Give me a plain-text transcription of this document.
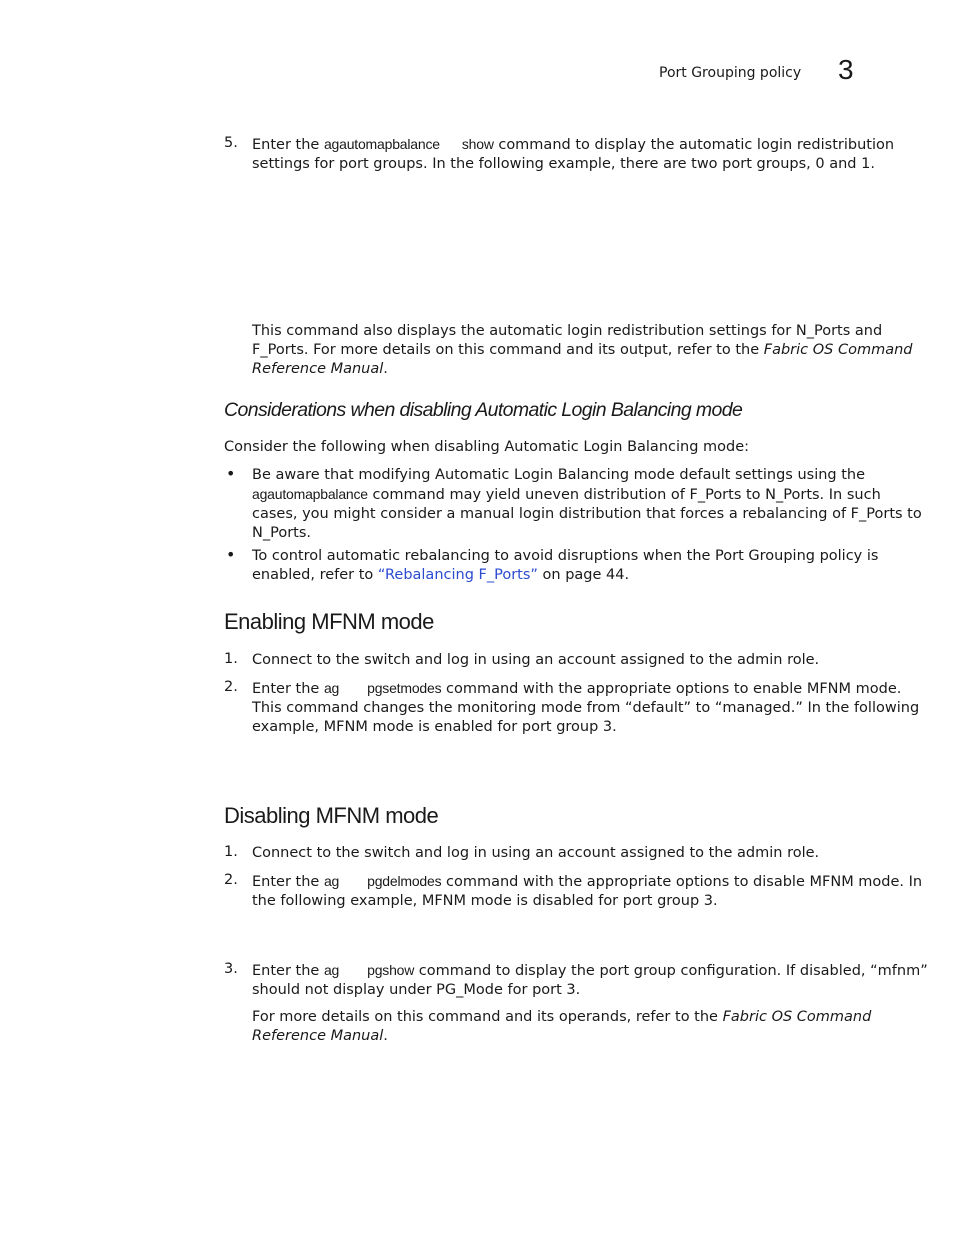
Port Grouping policy 3
5. Enter the agautomapbalance show command to display the automatic login redistribution
settings for port groups. In the following example, there are two port groups, 0 and 1.
This command also displays the automatic login redistribution settings for N_Ports and
F_Ports. For more details on this command and its output, refer to the Fabric OS Command
Reference Manual.
Considerations when disabling Automatic Login Balancing mode
Consider the following when disabling Automatic Login Balancing mode:
• Be aware that modifying Automatic Login Balancing mode default settings using the
agautomapbalance command may yield uneven distribution of F_Ports to N_Ports. In such
cases, you might consider a manual login distribution that forces a rebalancing of F_Ports to
N_Ports.
• To control automatic rebalancing to avoid disruptions when the Port Grouping policy is
enabled, refer to “Rebalancing F_Ports” on page 44.
Enabling MFNM mode
1. Connect to the switch and log in using an account assigned to the admin role.
2. Enter the ag pgsetmodes command with the appropriate options to enable MFNM mode.
This command changes the monitoring mode from “default” to “managed.” In the following
example, MFNM mode is enabled for port group 3.
Disabling MFNM mode
1. Connect to the switch and log in using an account assigned to the admin role.
2. Enter the ag pgdelmodes command with the appropriate options to disable MFNM mode. In
the following example, MFNM mode is disabled for port group 3.
3. Enter the ag pgshow command to display the port group configuration. If disabled, “mfnm”
should not display under PG_Mode for port 3.
For more details on this command and its operands, refer to the Fabric OS Command
Reference Manual.
